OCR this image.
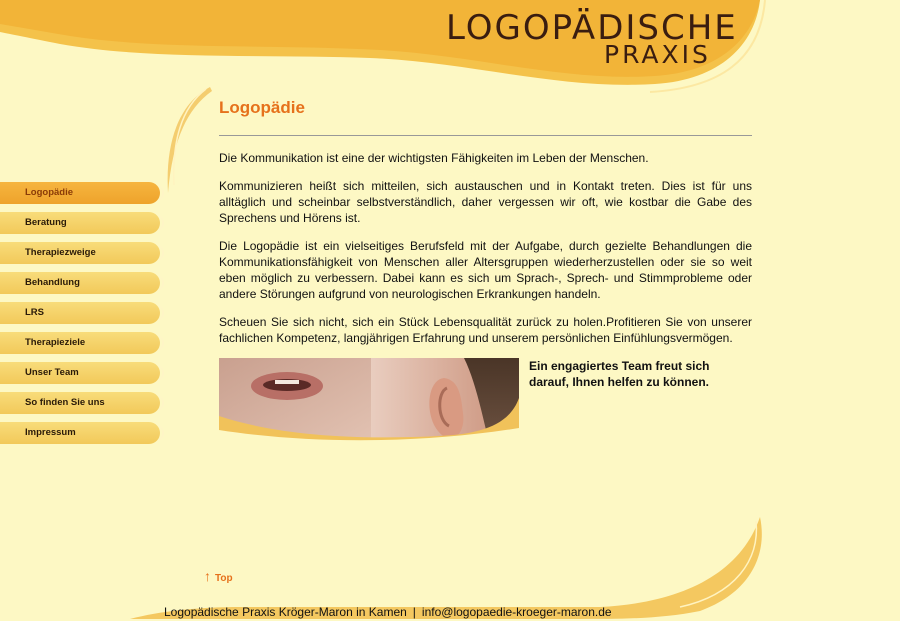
LOGOPÄDISCHE
PRAXIS
Logopädie
Beratung
Therapiezweige
Behandlung
LRS
Therapieziele
Unser Team
So finden Sie uns
Impressum
Logopädie

Die Kommunikation ist eine der wichtigsten Fähigkeiten im Leben der Menschen.

Kommunizieren heißt sich mitteilen, sich austauschen und in Kontakt treten. Dies ist für uns alltäglich und scheinbar selbstverständlich, daher vergessen wir oft, wie kostbar die Gabe des Sprechens und Hörens ist.

Die Logopädie ist ein vielseitiges Berufsfeld mit der Aufgabe, durch gezielte Behandlungen die Kommunikationsfähigkeit von Menschen aller Altersgruppen wiederherzustellen oder sie so weit eben möglich zu verbessern. Dabei kann es sich um Sprach-, Sprech- und Stimmprobleme oder andere Störungen aufgrund von neurologischen Erkrankungen handeln.

Scheuen Sie sich nicht, sich ein Stück Lebensqualität zurück zu holen.Profitieren Sie von unserer fachlichen Kompetenz, langjährigen Erfahrung und unserem persönlichen Einfühlungsvermögen.

Ein engagiertes Team freut sich darauf, Ihnen helfen zu können.
↑ Top
Logopädische Praxis Kröger-Maron in Kamen | info@logopaedie-kroeger-maron.de
